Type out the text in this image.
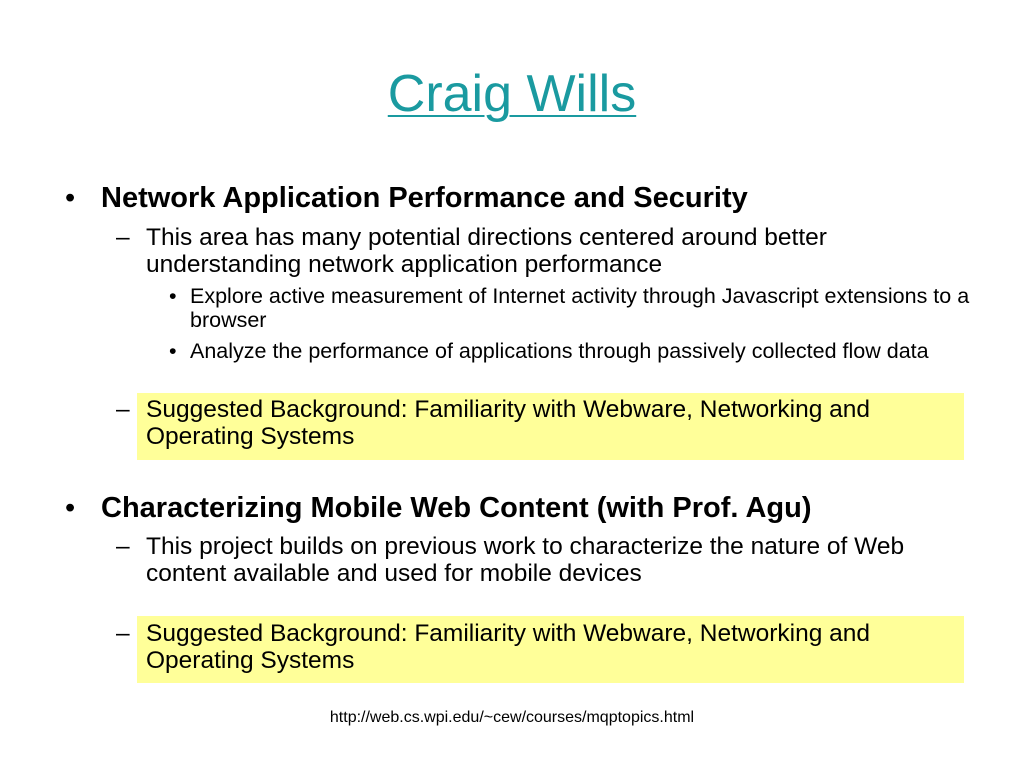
Craig Wills
• Network Application Performance and Security
– This area has many potential directions centered around better understanding network application performance
• Explore active measurement of Internet activity through Javascript extensions to a browser
• Analyze the performance of applications through passively collected flow data
– Suggested Background: Familiarity with Webware, Networking and Operating Systems
• Characterizing Mobile Web Content (with Prof. Agu)
– This project builds on previous work to characterize the nature of Web content available and used for mobile devices
– Suggested Background: Familiarity with Webware, Networking and Operating Systems
http://web.cs.wpi.edu/~cew/courses/mqptopics.html
